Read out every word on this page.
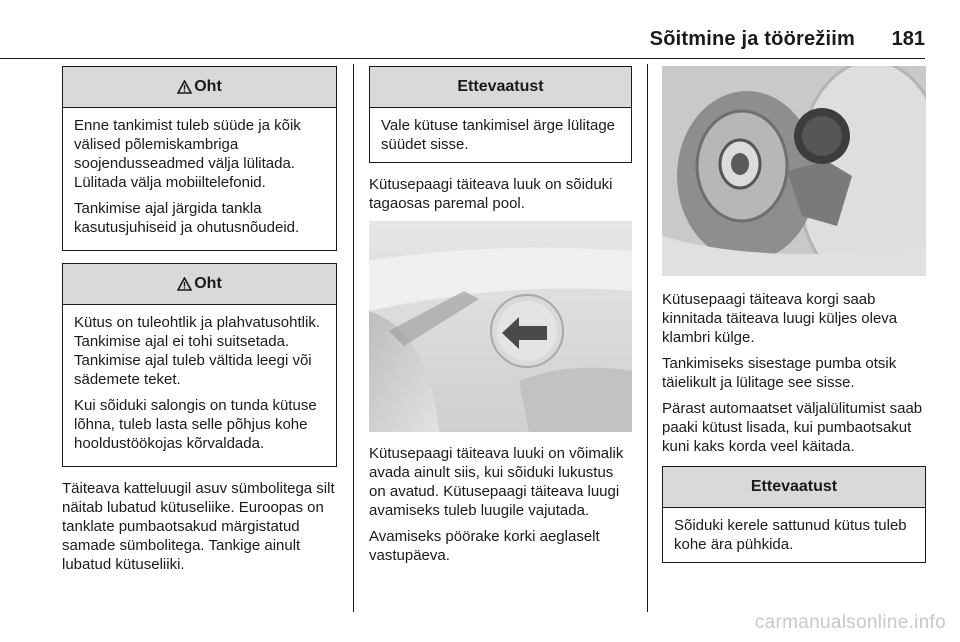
Sõitmine ja töörežiim 181
Oht

Enne tankimist tuleb süüde ja kõik välised põlemiskambriga soojendusseadmed välja lülitada. Lülitada välja mobiiltelefonid.

Tankimise ajal järgida tankla kasutusjuhiseid ja ohutusnõudeid.

Oht

Kütus on tuleohtlik ja plahvatusohtlik. Tankimise ajal ei tohi suitsetada. Tankimise ajal tuleb vältida leegi või sädemete teket.

Kui sõiduki salongis on tunda kütuse lõhna, tuleb lasta selle põhjus kohe hooldustöökojas kõrvaldada.

Täiteava katteluugil asuv sümbolitega silt näitab lubatud kütuseliike. Euroopas on tanklate pumbaotsakud märgistatud samade sümbolitega. Tankige ainult lubatud kütuseliiki.

Ettevaatust

Vale kütuse tankimisel ärge lülitage süüdet sisse.

Kütusepaagi täiteava luuk on sõiduki tagaosas paremal pool.

Kütusepaagi täiteava luuki on võimalik avada ainult siis, kui sõiduki lukustus on avatud. Kütusepaagi täiteava luugi avamiseks tuleb luugile vajutada.

Avamiseks pöörake korki aeglaselt vastupäeva.

Kütusepaagi täiteava korgi saab kinnitada täiteava luugi küljes oleva klambri külge.

Tankimiseks sisestage pumba otsik täielikult ja lülitage see sisse.

Pärast automaatset väljalülitumist saab paaki kütust lisada, kui pumbaotsakut kuni kaks korda veel käitada.

Ettevaatust

Sõiduki kerele sattunud kütus tuleb kohe ära pühkida.

carmanualsonline.info
